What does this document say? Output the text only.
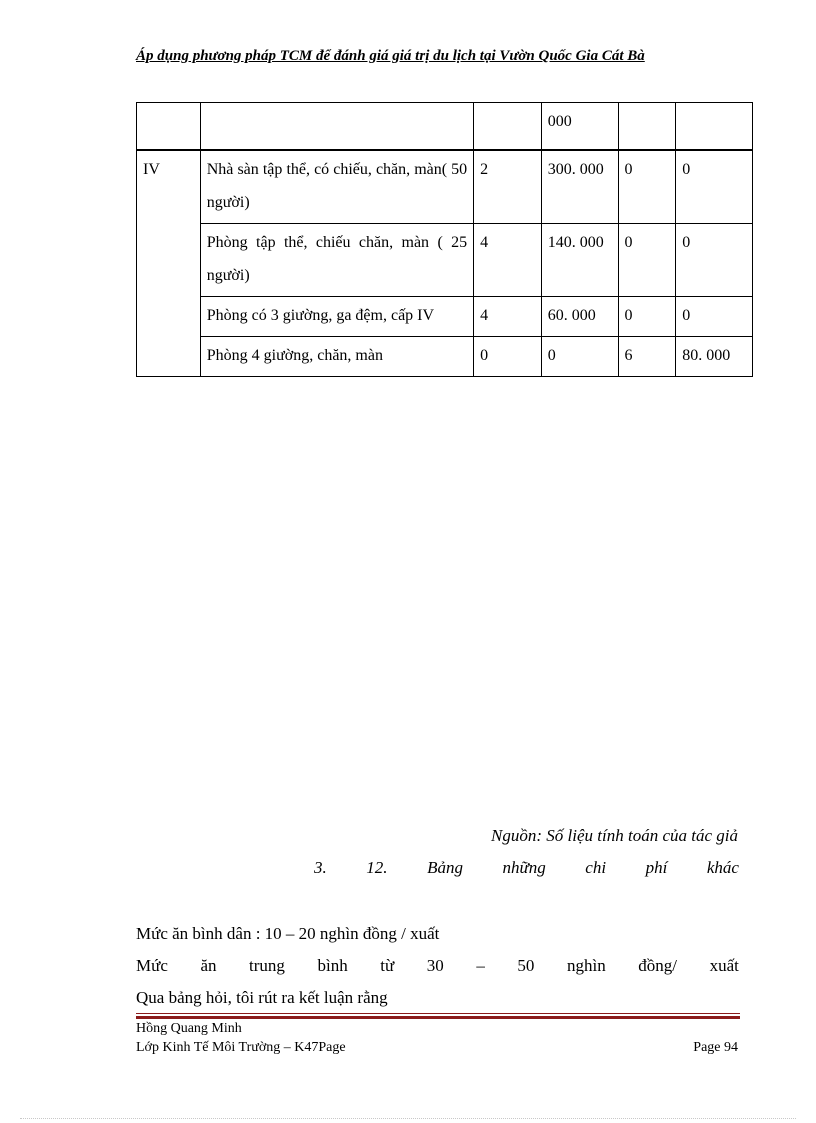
Áp dụng phương pháp TCM để đánh giá giá trị du lịch tại Vườn Quốc Gia Cát Bà
			000		
IV	Nhà sàn tập thể, có chiếu, chăn, màn( 50 người)	2	300. 000	0	0
	Phòng tập thể, chiếu chăn, màn ( 25 người)	4	140. 000	0	0
	Phòng có 3 giường, ga đệm, cấp IV	4	60. 000	0	0
	Phòng 4 giường, chăn, màn	0	0	6	80. 000
Nguồn: Số liệu tính toán của tác giả
3. 12. Bảng những chi phí khác
Mức ăn bình dân : 10 – 20 nghìn đồng / xuất
Mức ăn trung bình từ 30 – 50 nghìn đồng/ xuất
Qua bảng hỏi, tôi rút ra kết luận rằng
Hồng Quang Minh
Lớp Kinh Tế Môi Trường – K47Page	Page 94
